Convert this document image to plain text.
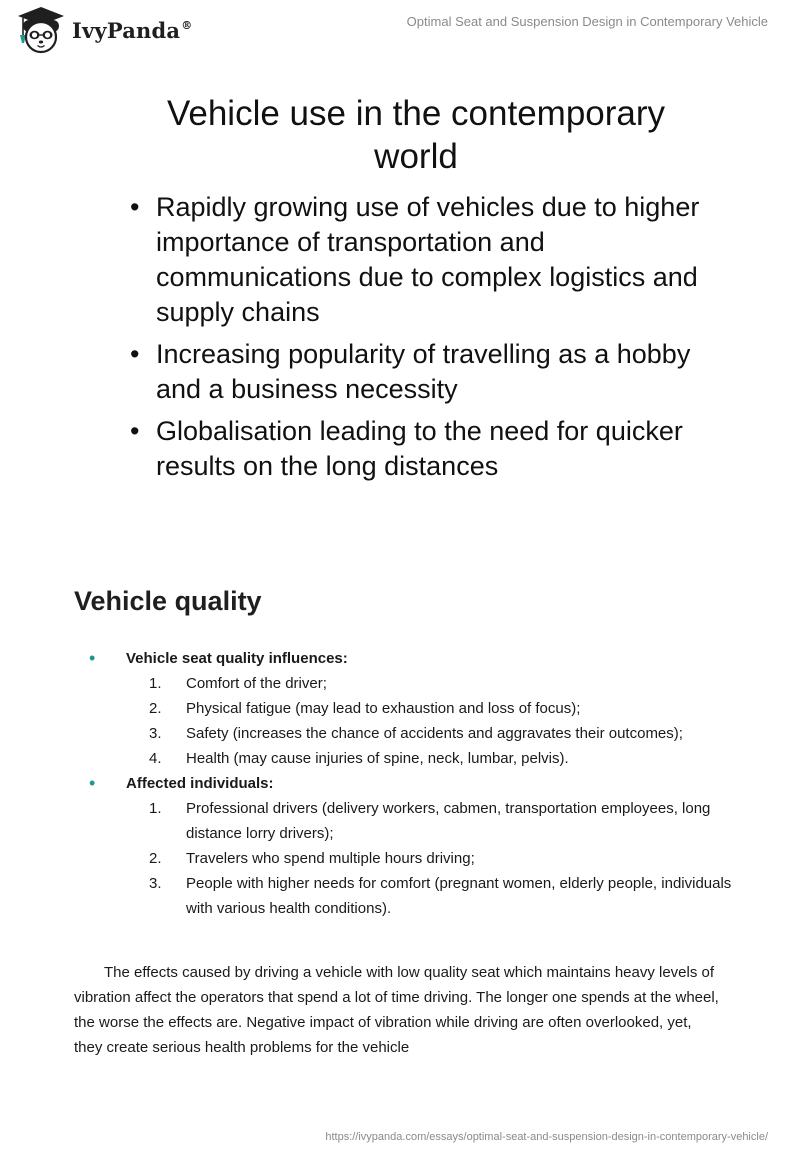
IvyPanda®	Optimal Seat and Suspension Design in Contemporary Vehicle
Vehicle use in the contemporary world
• Rapidly growing use of vehicles due to higher importance of transportation and communications due to complex logistics and supply chains
• Increasing popularity of travelling as a hobby and a business necessity
• Globalisation leading to the need for quicker results on the long distances
Vehicle quality
• Vehicle seat quality influences:
1. Comfort of the driver;
2. Physical fatigue (may lead to exhaustion and loss of focus);
3. Safety (increases the chance of accidents and aggravates their outcomes);
4. Health (may cause injuries of spine, neck, lumbar, pelvis).
• Affected individuals:
1. Professional drivers (delivery workers, cabmen, transportation employees, long distance lorry drivers);
2. Travelers who spend multiple hours driving;
3. People with higher needs for comfort (pregnant women, elderly people, individuals with various health conditions).

The effects caused by driving a vehicle with low quality seat which maintains heavy levels of vibration affect the operators that spend a lot of time driving. The longer one spends at the wheel, the worse the effects are. Negative impact of vibration while driving are often overlooked, yet, they create serious health problems for the vehicle

https://ivypanda.com/essays/optimal-seat-and-suspension-design-in-contemporary-vehicle/
